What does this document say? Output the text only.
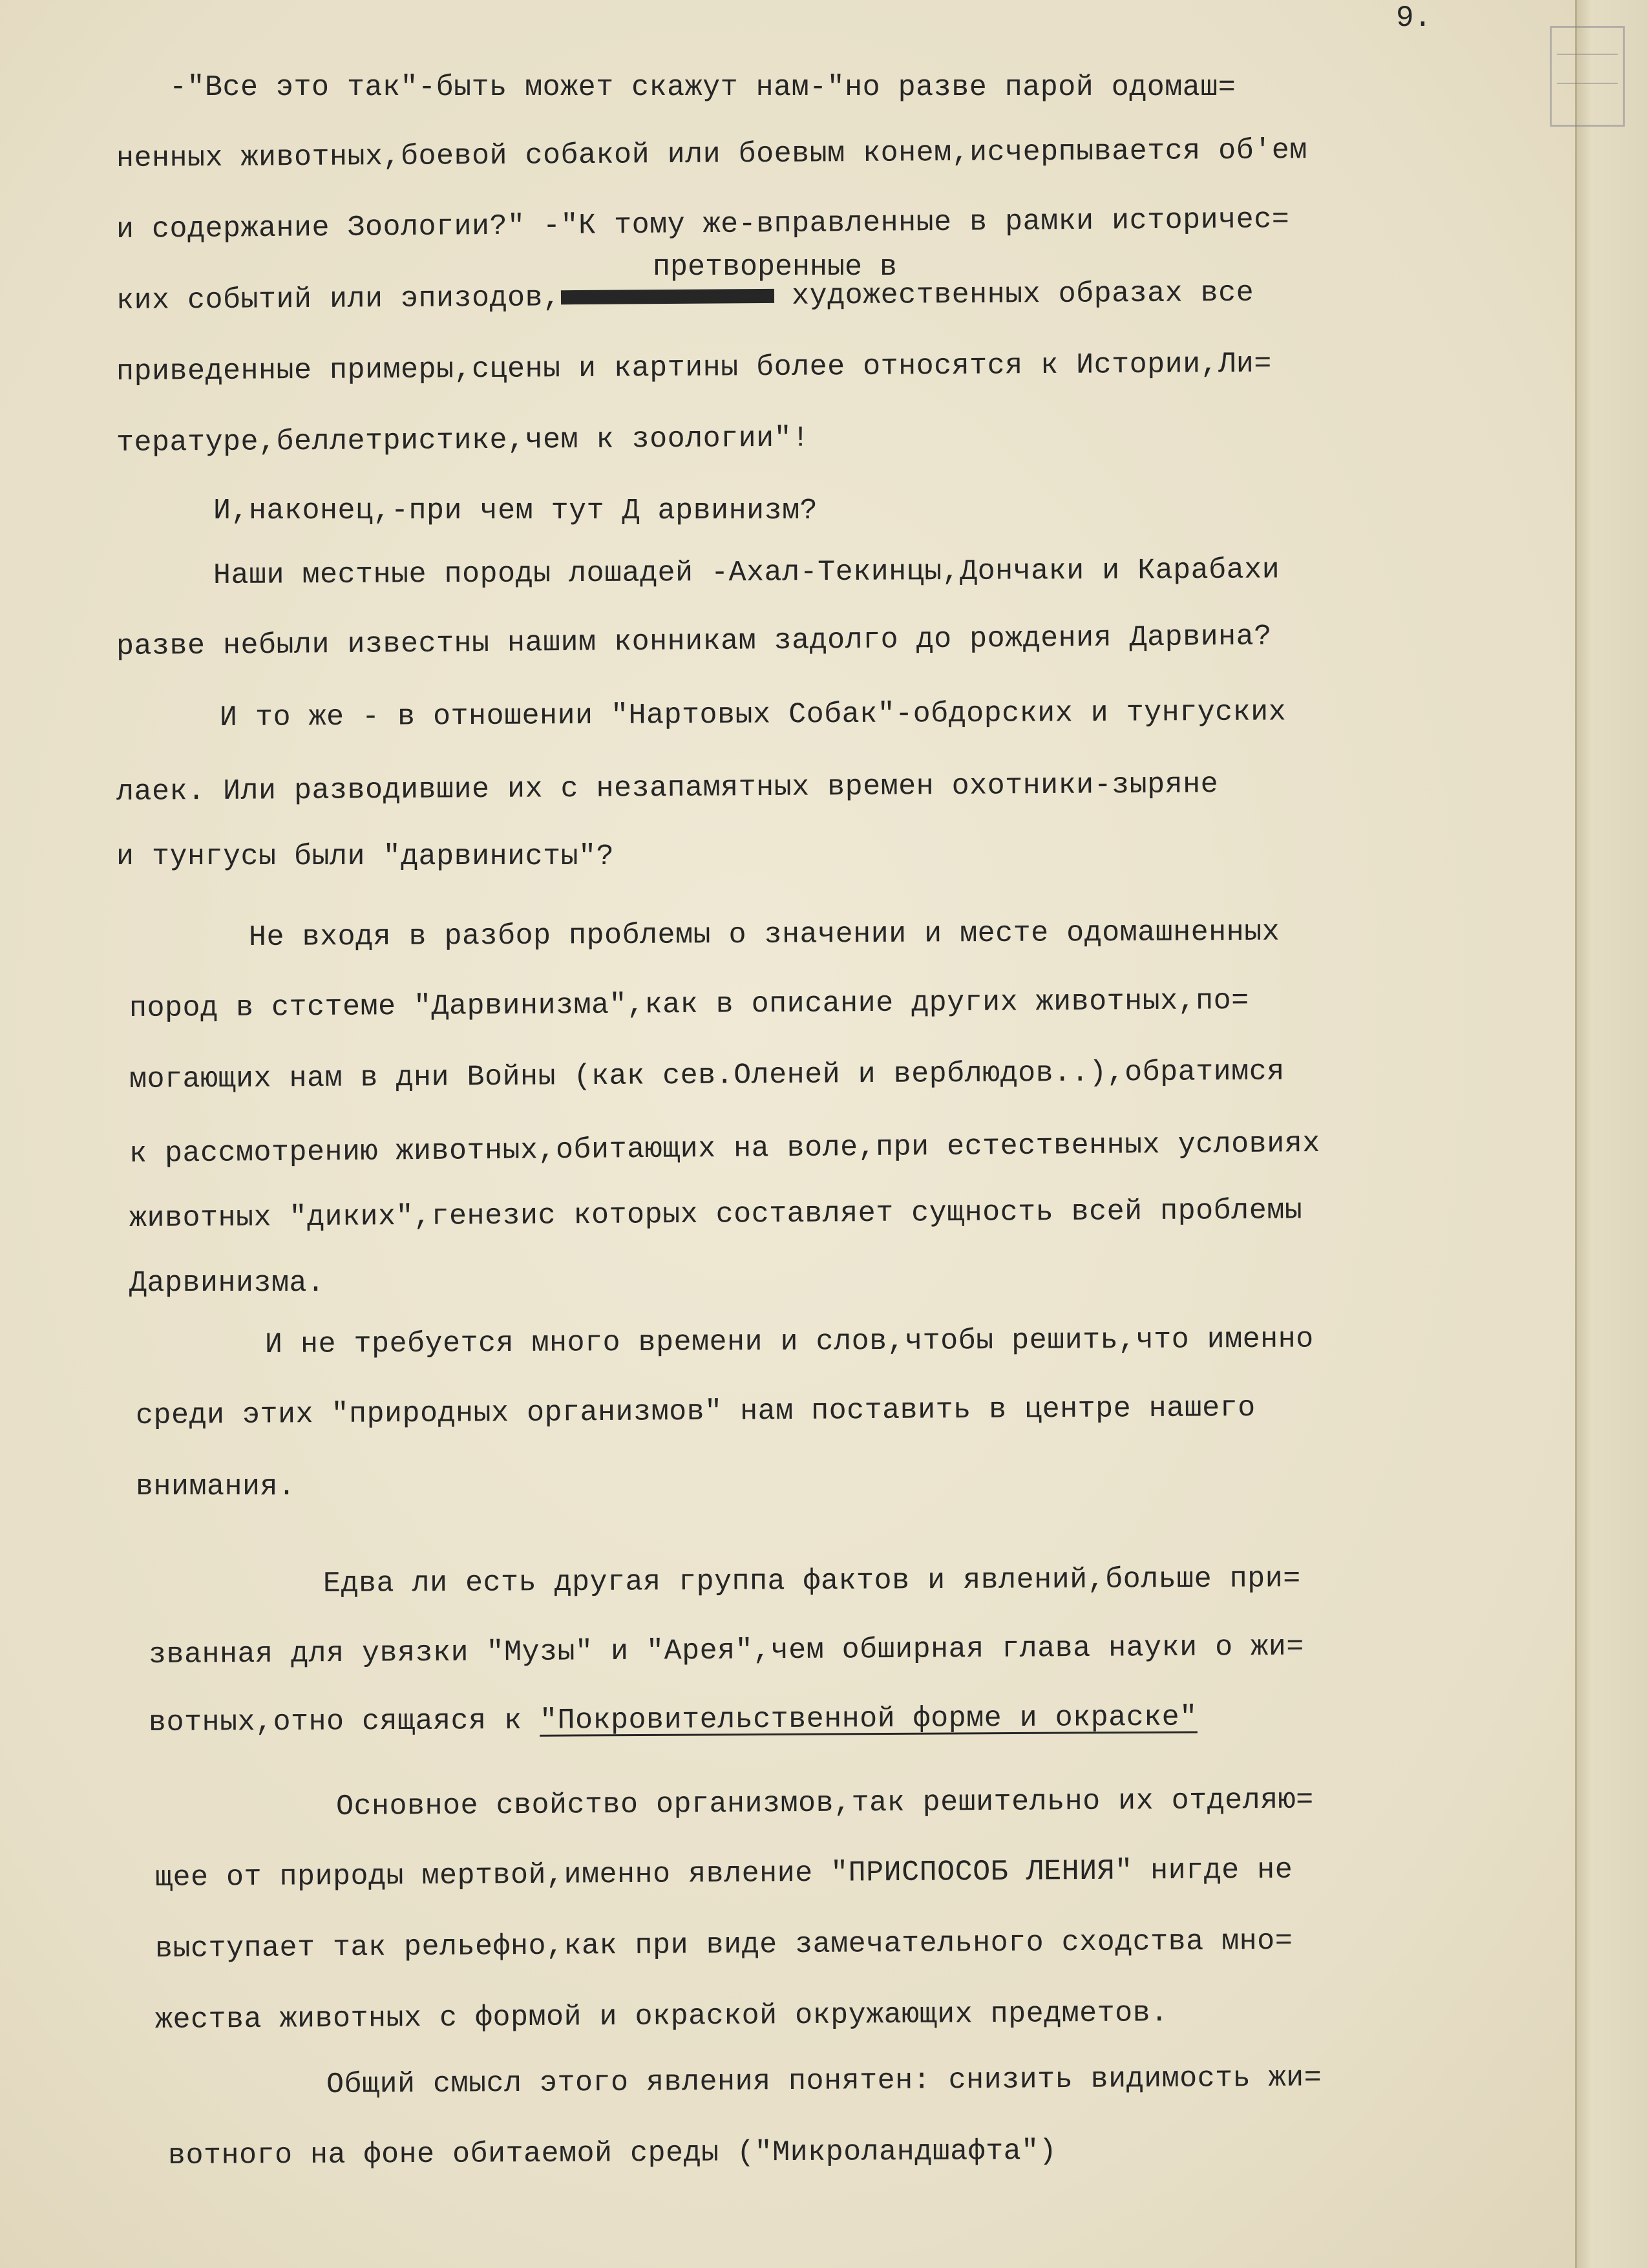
9.
-"Все это так"-быть может скажут нам-"но разве парой одомаш=
ненных животных,боевой собакой или боевым конем,исчерпывается об'ем
и содержание Зоологии?" -"К тому же-вправленные в рамки историчес=
претворенные в
ких событий или эпизодов,	художественных образах все
приведенные примеры,сцены и картины более относятся к Истории,Ли=
тературе,беллетристике,чем к зоологии"!
И,наконец,-при чем тут Д арвинизм?
Наши местные породы лошадей -Ахал-Текинцы,Дончаки и Карабахи
разве небыли известны нашим конникам задолго до рождения Дарвина?
И то же - в отношении "Нартовых Собак"-обдорских и тунгуских
лаек. Или разводившие их с незапамятных времен охотники-зыряне
и тунгусы были "дарвинисты"?
Не входя в разбор проблемы о значении и месте одомашненных
пород в стстеме "Дарвинизма",как в описание других животных,по=
могающих нам в дни Войны (как сев.Оленей и верблюдов..),обратимся
к рассмотрению животных,обитающих на воле,при естественных условиях
животных "диких",генезис которых составляет сущность всей проблемы
Дарвинизма.
И не требуется много времени и слов,чтобы решить,что именно
среди этих "природных организмов" нам поставить в центре нашего
внимания.
Едва ли есть другая группа фактов и явлений,больше при=
званная для увязки "Музы" и "Арея",чем обширная глава науки о жи=
вотных,отно сящаяся к "Покровительственной форме и окраске"
Основное свойство организмов,так решительно их отделяю=
щее от природы мертвой,именно явление "ПРИСПОСОБ ЛЕНИЯ" нигде не
выступает так рельефно,как при виде замечательного сходства мно=
жества животных с формой и окраской окружающих предметов.
Общий смысл этого явления понятен: снизить видимость жи=
вотного на фоне обитаемой среды ("Микроландшафта")
